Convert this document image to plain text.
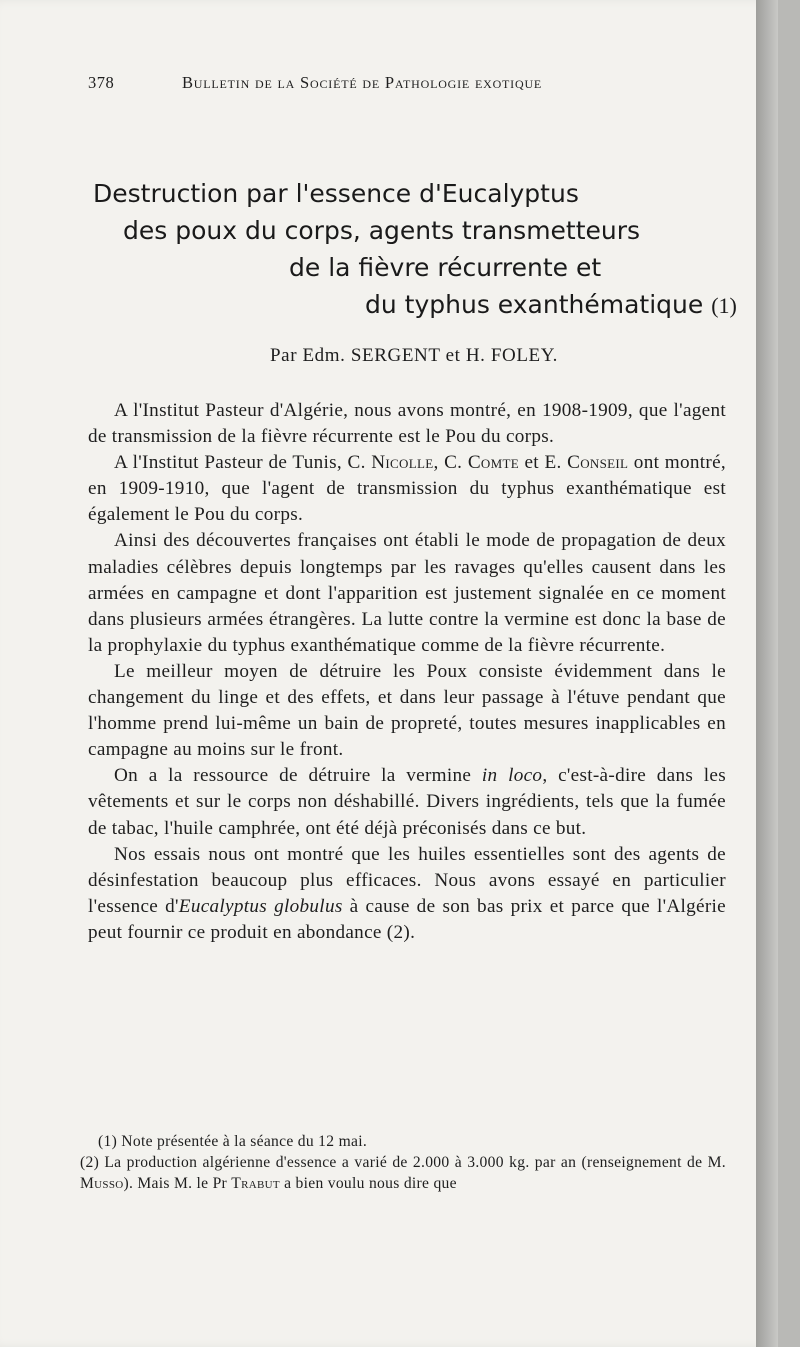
378	Bulletin de la Société de Pathologie exotique
Destruction par l'essence d'Eucalyptus
des poux du corps, agents transmetteurs
de la fièvre récurrente et
du typhus exanthématique (1)
Par Edm. SERGENT et H. FOLEY.

A l'Institut Pasteur d'Algérie, nous avons montré, en 1908-1909, que l'agent de transmission de la fièvre récurrente est le Pou du corps.

A l'Institut Pasteur de Tunis, C. Nicolle, C. Comte et E. Conseil ont montré, en 1909-1910, que l'agent de transmission du typhus exanthématique est également le Pou du corps.

Ainsi des découvertes françaises ont établi le mode de propagation de deux maladies célèbres depuis longtemps par les ravages qu'elles causent dans les armées en campagne et dont l'apparition est justement signalée en ce moment dans plusieurs armées étrangères. La lutte contre la vermine est donc la base de la prophylaxie du typhus exanthématique comme de la fièvre récurrente.

Le meilleur moyen de détruire les Poux consiste évidemment dans le changement du linge et des effets, et dans leur passage à l'étuve pendant que l'homme prend lui-même un bain de propreté, toutes mesures inapplicables en campagne au moins sur le front.

On a la ressource de détruire la vermine in loco, c'est-à-dire dans les vêtements et sur le corps non déshabillé. Divers ingrédients, tels que la fumée de tabac, l'huile camphrée, ont été déjà préconisés dans ce but.

Nos essais nous ont montré que les huiles essentielles sont des agents de désinfestation beaucoup plus efficaces. Nous avons essayé en particulier l'essence d'Eucalyptus globulus à cause de son bas prix et parce que l'Algérie peut fournir ce produit en abondance (2).

(1) Note présentée à la séance du 12 mai.

(2) La production algérienne d'essence a varié de 2.000 à 3.000 kg. par an (renseignement de M. Musso). Mais M. le Pr Trabut a bien voulu nous dire que
